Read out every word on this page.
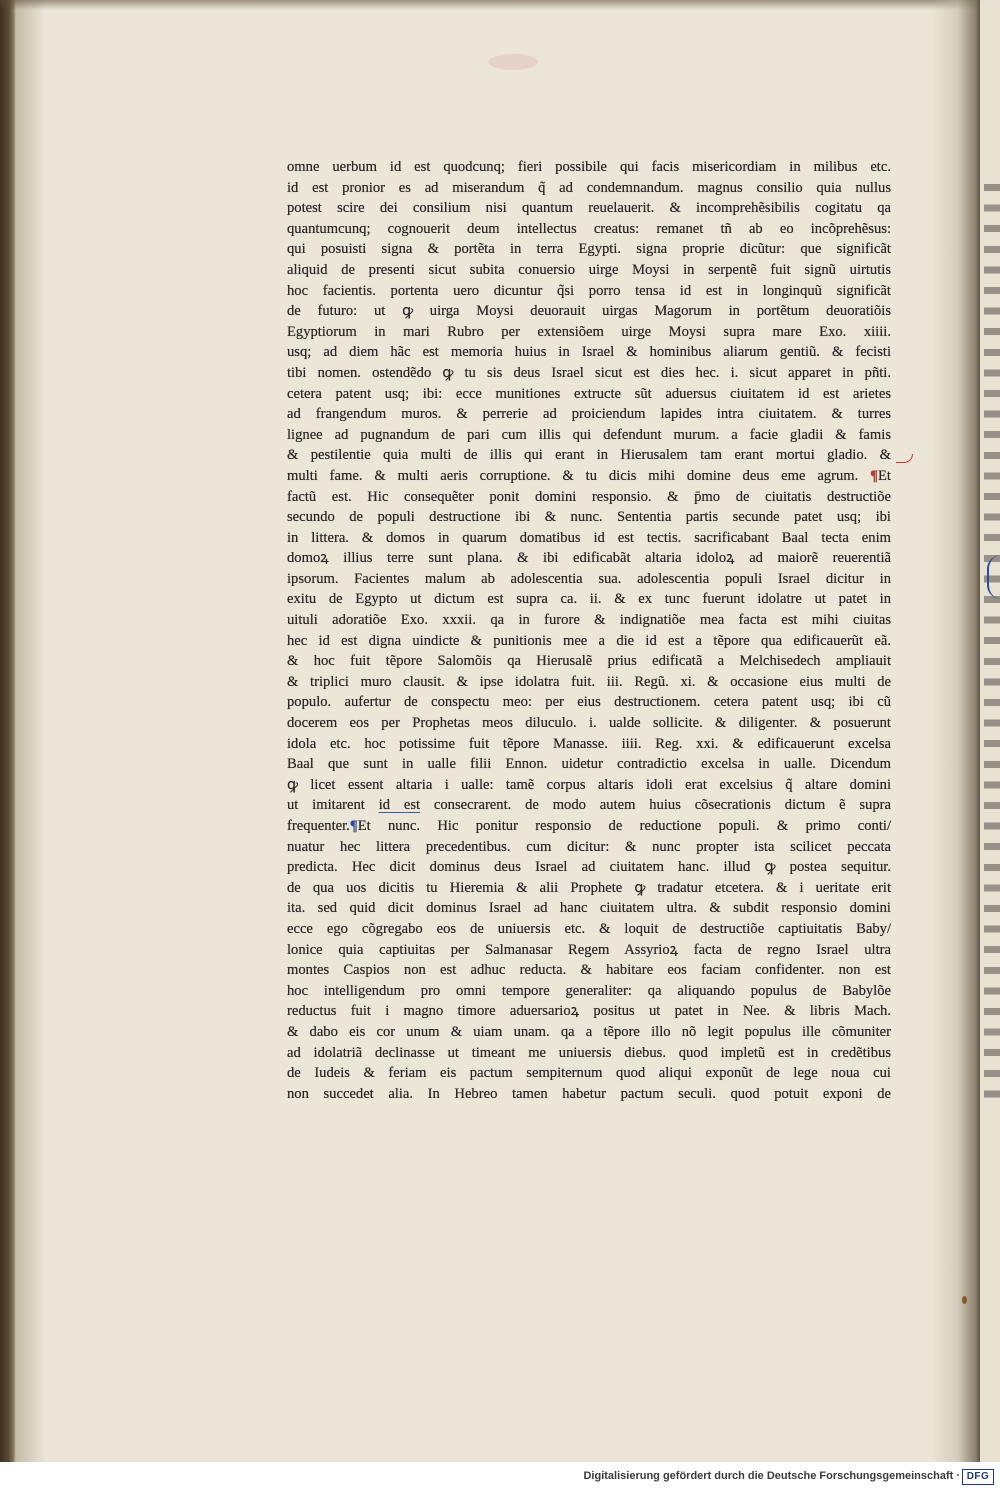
omne uerbum id est quodcunq; fieri possibile qui facis misericordiam in milibus etc.
id est pronior es ad miserandum q̃ ad condemnandum. magnus consilio quia nullus
potest scire dei consilium nisi quantum reuelauerit. & incomprehẽsibilis cogitatu qa
quantumcunq; cognouerit deum intellectus creatus: remanet tñ ab eo incõprehẽsus:
qui posuisti signa & portẽta in terra Egypti. signa proprie dicũtur: que significãt
aliquid de presenti sicut subita conuersio uirge Moysi in serpentẽ fuit signũ uirtutis
hoc facientis. portenta uero dicuntur q̃si porro tensa id est in longinquũ significãt
de futuro: ut ꝙ uirga Moysi deuorauit uirgas Magorum in portẽtum deuoratiõis
Egyptiorum in mari Rubro per extensiõem uirge Moysi supra mare Exo. xiiii.
usq; ad diem hãc est memoria huius in Israel & hominibus aliarum gentiũ. & fecisti
tibi nomen. ostendẽdo ꝙ tu sis deus Israel sicut est dies hec. i. sicut apparet in pñti.
cetera patent usq; ibi: ecce munitiones extructe sũt aduersus ciuitatem id est arietes
ad frangendum muros. & perrerie ad proiciendum lapides intra ciuitatem. & turres
lignee ad pugnandum de pari cum illis qui defendunt murum. a facie gladii & famis
& pestilentie quia multi de illis qui erant in Hierusalem tam erant mortui gladio. &
multi fame. & multi aeris corruptione. & tu dicis mihi domine deus eme agrum. ¶Et
factũ est. Hic consequẽter ponit domini responsio. & p̄mo de ciuitatis destructiõe
secundo de populi destructione ibi & nunc. Sententia partis secunde patet usq; ibi
in littera. & domos in quarum domatibus id est tectis. sacrificabant Baal tecta enim
domoꝝ illius terre sunt plana. & ibi edificabãt altaria idoloꝝ ad maiorẽ reuerentiã
ipsorum. Facientes malum ab adolescentia sua. adolescentia populi Israel dicitur in
exitu de Egypto ut dictum est supra ca. ii. & ex tunc fuerunt idolatre ut patet in
uituli adoratiõe Exo. xxxii. qa in furore & indignatiõe mea facta est mihi ciuitas
hec id est digna uindicte & punitionis mee a die id est a tẽpore qua edificauerũt eã.
& hoc fuit tẽpore Salomõis qa Hierusalẽ prius edificatã a Melchisedech ampliauit
& triplici muro clausit. & ipse idolatra fuit. iii. Regũ. xi. & occasione eius multi de
populo. aufertur de conspectu meo: per eius destructionem. cetera patent usq; ibi cũ
docerem eos per Prophetas meos diluculo. i. ualde sollicite. & diligenter. & posuerunt
idola etc. hoc potissime fuit tẽpore Manasse. iiii. Reg. xxi. & edificauerunt excelsa
Baal que sunt in ualle filii Ennon. uidetur contradictio excelsa in ualle. Dicendum
ꝙ licet essent altaria i ualle: tamẽ corpus altaris idoli erat excelsius q̃ altare domini
ut imitarent id est consecrarent. de modo autem huius cõsecrationis dictum ẽ supra
frequenter.¶Et nunc. Hic ponitur responsio de reductione populi. & primo conti/
nuatur hec littera precedentibus. cum dicitur: & nunc propter ista scilicet peccata
predicta. Hec dicit dominus deus Israel ad ciuitatem hanc. illud ꝙ postea sequitur.
de qua uos dicitis tu Hieremia & alii Prophete ꝙ tradatur etcetera. & i ueritate erit
ita. sed quid dicit dominus Israel ad hanc ciuitatem ultra. & subdit responsio domini
ecce ego cõgregabo eos de uniuersis etc. & loquit de destructiõe captiuitatis Baby/
lonice quia captiuitas per Salmanasar Regem Assyrioꝝ facta de regno Israel ultra
montes Caspios non est adhuc reducta. & habitare eos faciam confidenter. non est
hoc intelligendum pro omni tempore generaliter: qa aliquando populus de Babylõe
reductus fuit i magno timore aduersarioꝝ positus ut patet in Nee. & libris Mach.
& dabo eis cor unum & uiam unam. qa a tẽpore illo nõ legit populus ille cõmuniter
ad idolatriã declinasse ut timeant me uniuersis diebus. quod impletũ est in credẽtibus
de Iudeis & feriam eis pactum sempiternum quod aliqui exponũt de lege noua cui
non succedet alia. In Hebreo tamen habetur pactum seculi. quod potuit exponi de
Digitalisierung gefördert durch die Deutsche Forschungsgemeinschaft · DFG
